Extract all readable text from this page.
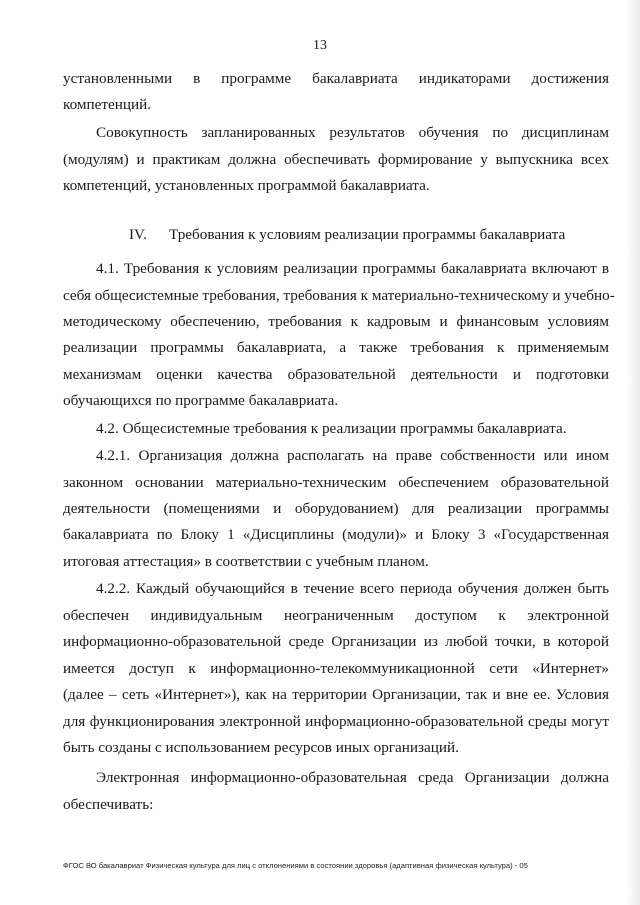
13
установленными в программе бакалавриата индикаторами достижения
компетенций.
Совокупность запланированных результатов обучения по дисциплинам
(модулям) и практикам должна обеспечивать формирование у выпускника всех
компетенций, установленных программой бакалавриата.
IV. Требования к условиям реализации программы бакалавриата
4.1. Требования к условиям реализации программы бакалавриата включают в
себя общесистемные требования, требования к материально-техническому и учебно-
методическому обеспечению, требования к кадровым и финансовым условиям
реализации программы бакалавриата, а также требования к применяемым
механизмам оценки качества образовательной деятельности и подготовки
обучающихся по программе бакалавриата.
4.2. Общесистемные требования к реализации программы бакалавриата.
4.2.1. Организация должна располагать на праве собственности или ином
законном основании материально-техническим обеспечением образовательной
деятельности (помещениями и оборудованием) для реализации программы
бакалавриата по Блоку 1 «Дисциплины (модули)» и Блоку 3 «Государственная
итоговая аттестация» в соответствии с учебным планом.
4.2.2. Каждый обучающийся в течение всего периода обучения должен быть
обеспечен индивидуальным неограниченным доступом к электронной
информационно-образовательной среде Организации из любой точки, в которой
имеется доступ к информационно-телекоммуникационной сети «Интернет»
(далее – сеть «Интернет»), как на территории Организации, так и вне ее. Условия
для функционирования электронной информационно-образовательной среды могут
быть созданы с использованием ресурсов иных организаций.
Электронная информационно-образовательная среда Организации должна
обеспечивать:
ФГОС ВО бакалавриат Физическая культура для лиц с отклонениями в состоянии здоровья (адаптивная физическая культура) - 05
